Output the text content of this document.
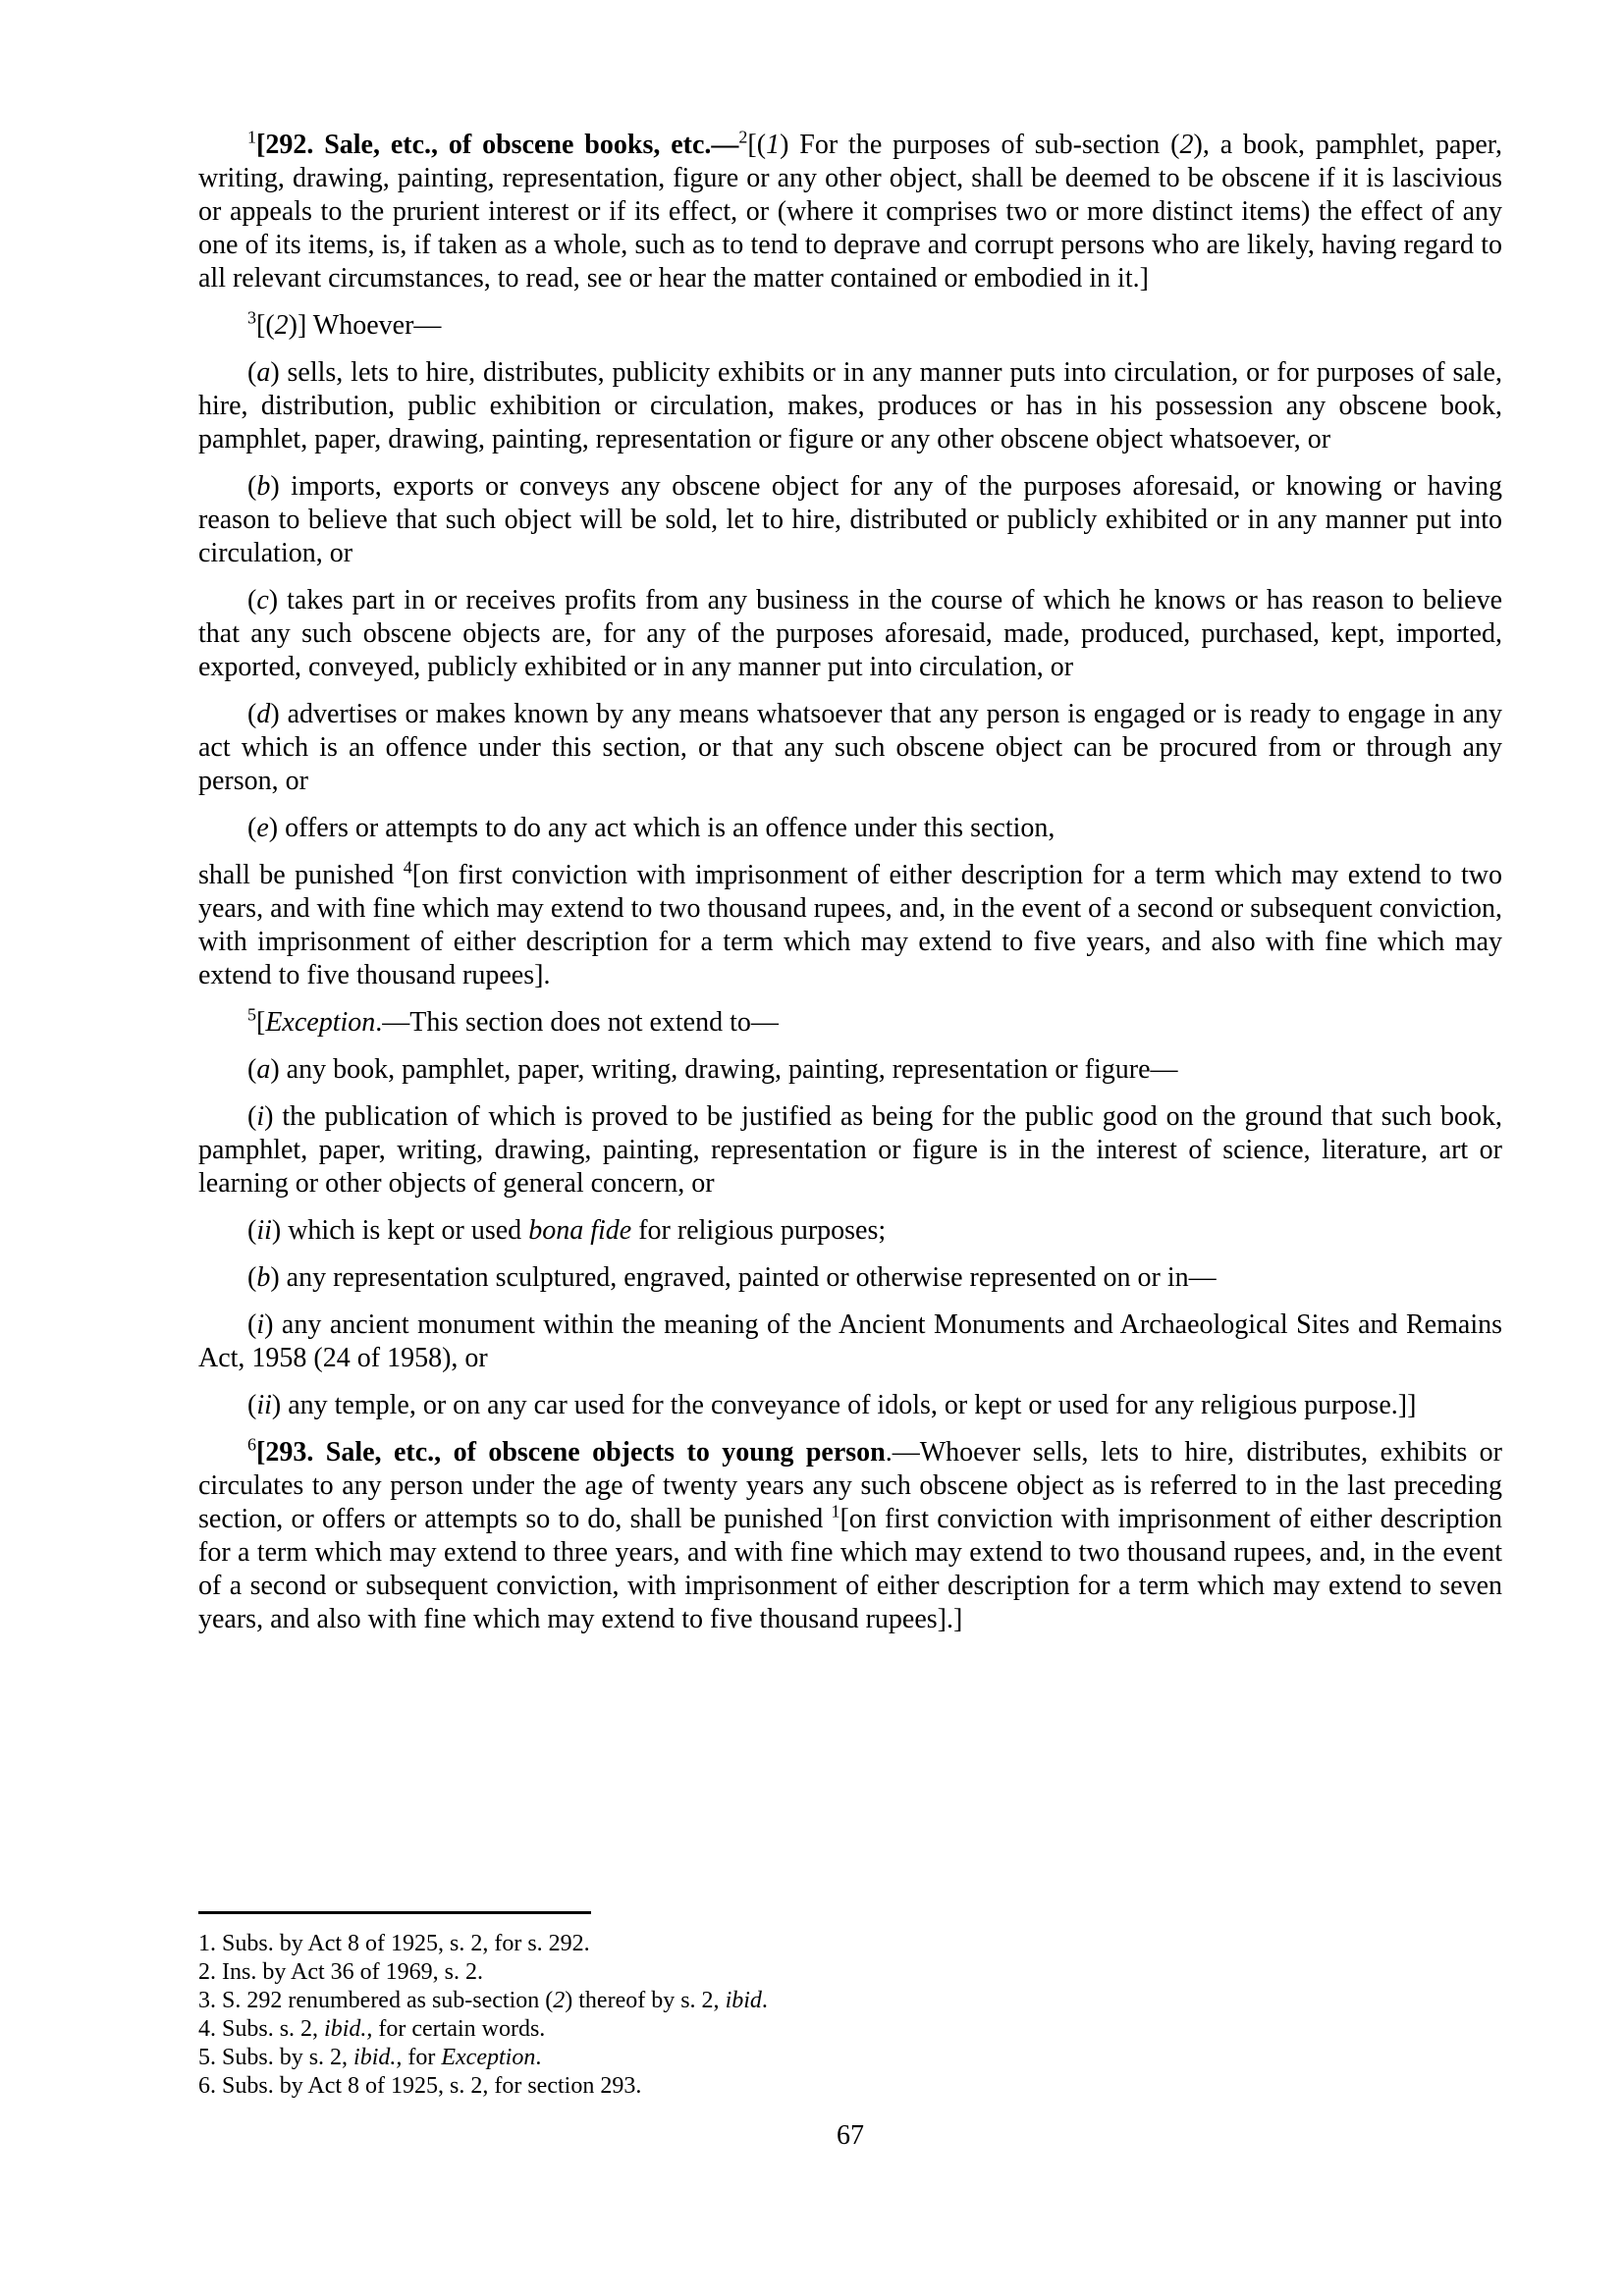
$^1$[292. Sale, etc., of obscene books, etc.—$^2$[(1) For the purposes of sub-section (2), a book, pamphlet, paper, writing, drawing, painting, representation, figure or any other object, shall be deemed to be obscene if it is lascivious or appeals to the prurient interest or if its effect, or (where it comprises two or more distinct items) the effect of any one of its items, is, if taken as a whole, such as to tend to deprave and corrupt persons who are likely, having regard to all relevant circumstances, to read, see or hear the matter contained or embodied in it.]

$^3$[(2)] Whoever—

(a) sells, lets to hire, distributes, publicity exhibits or in any manner puts into circulation, or for purposes of sale, hire, distribution, public exhibition or circulation, makes, produces or has in his possession any obscene book, pamphlet, paper, drawing, painting, representation or figure or any other obscene object whatsoever, or

(b) imports, exports or conveys any obscene object for any of the purposes aforesaid, or knowing or having reason to believe that such object will be sold, let to hire, distributed or publicly exhibited or in any manner put into circulation, or

(c) takes part in or receives profits from any business in the course of which he knows or has reason to believe that any such obscene objects are, for any of the purposes aforesaid, made, produced, purchased, kept, imported, exported, conveyed, publicly exhibited or in any manner put into circulation, or

(d) advertises or makes known by any means whatsoever that any person is engaged or is ready to engage in any act which is an offence under this section, or that any such obscene object can be procured from or through any person, or

(e) offers or attempts to do any act which is an offence under this section,

shall be punished $^4$[on first conviction with imprisonment of either description for a term which may extend to two years, and with fine which may extend to two thousand rupees, and, in the event of a second or subsequent conviction, with imprisonment of either description for a term which may extend to five years, and also with fine which may extend to five thousand rupees].

$^5$[Exception.—This section does not extend to—

(a) any book, pamphlet, paper, writing, drawing, painting, representation or figure—

(i) the publication of which is proved to be justified as being for the public good on the ground that such book, pamphlet, paper, writing, drawing, painting, representation or figure is in the interest of science, literature, art or learning or other objects of general concern, or

(ii) which is kept or used bona fide for religious purposes;

(b) any representation sculptured, engraved, painted or otherwise represented on or in—

(i) any ancient monument within the meaning of the Ancient Monuments and Archaeological Sites and Remains Act, 1958 (24 of 1958), or

(ii) any temple, or on any car used for the conveyance of idols, or kept or used for any religious purpose.]]

$^6$[293. Sale, etc., of obscene objects to young person.—Whoever sells, lets to hire, distributes, exhibits or circulates to any person under the age of twenty years any such obscene object as is referred to in the last preceding section, or offers or attempts so to do, shall be punished $^1$[on first conviction with imprisonment of either description for a term which may extend to three years, and with fine which may extend to two thousand rupees, and, in the event of a second or subsequent conviction, with imprisonment of either description for a term which may extend to seven years, and also with fine which may extend to five thousand rupees].]

1. Subs. by Act 8 of 1925, s. 2, for s. 292.

2. Ins. by Act 36 of 1969, s. 2.

3. S. 292 renumbered as sub-section (2) thereof by s. 2, ibid.

4. Subs. s. 2, ibid., for certain words.

5. Subs. by s. 2, ibid., for Exception.

6. Subs. by Act 8 of 1925, s. 2, for section 293.

67
